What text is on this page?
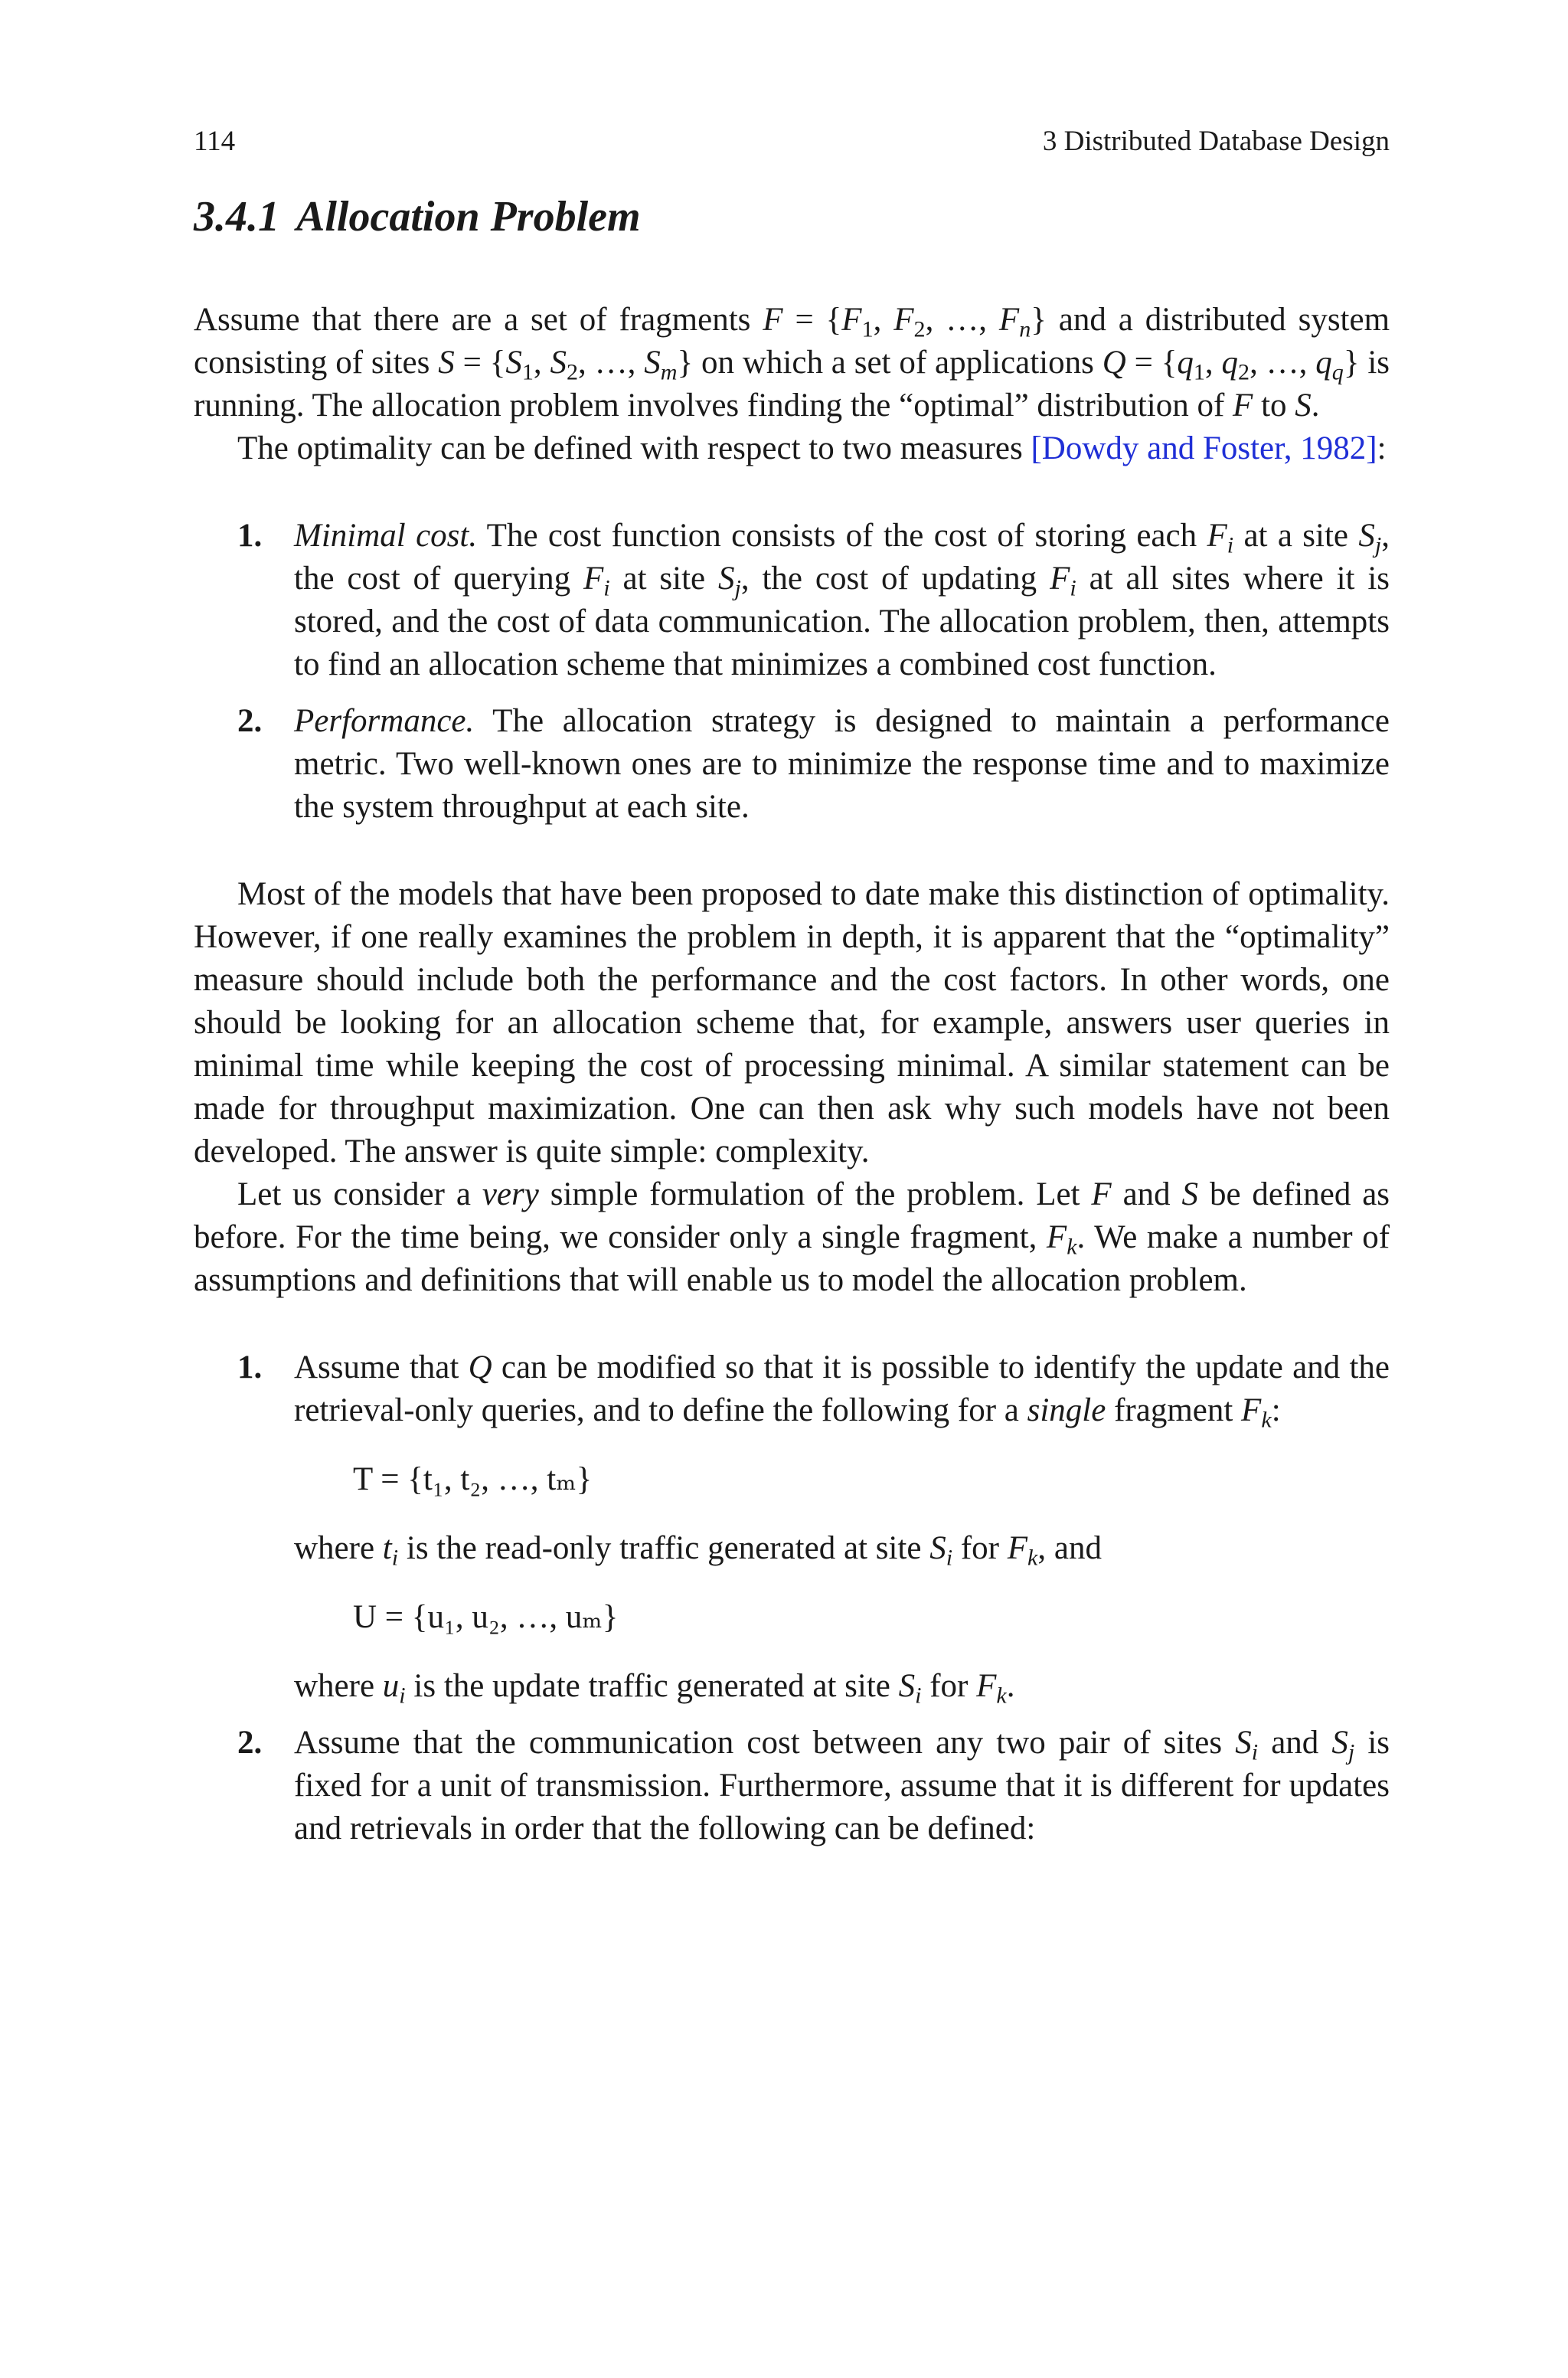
114	3 Distributed Database Design
3.4.1 Allocation Problem

Assume that there are a set of fragments $F = \{F_1$, $F_2$, …, $F_n$} and a distributed system consisting of sites $S = \{S_1$, $S_2$, …, $S_m$} on which a set of applications $Q = \{q_1$, $q_2$, …, $q_q$} is running. The allocation problem involves finding the “optimal” distribution of F to S.

The optimality can be defined with respect to two measures [Dowdy and Foster, 1982]:

1. Minimal cost. The cost function consists of the cost of storing each $F_i$ at a site $S_j$, the cost of querying $F_i$ at site $S_j$, the cost of updating $F_i$ at all sites where it is stored, and the cost of data communication. The allocation problem, then, attempts to find an allocation scheme that minimizes a combined cost function.
2. Performance. The allocation strategy is designed to maintain a performance metric. Two well-known ones are to minimize the response time and to maximize the system throughput at each site.

Most of the models that have been proposed to date make this distinction of optimality. However, if one really examines the problem in depth, it is apparent that the “optimality” measure should include both the performance and the cost factors. In other words, one should be looking for an allocation scheme that, for example, answers user queries in minimal time while keeping the cost of processing minimal. A similar statement can be made for throughput maximization. One can then ask why such models have not been developed. The answer is quite simple: complexity.

Let us consider a very simple formulation of the problem. Let F and S be defined as before. For the time being, we consider only a single fragment, $F_k$. We make a number of assumptions and definitions that will enable us to model the allocation problem.

1. Assume that Q can be modified so that it is possible to identify the update and the retrieval-only queries, and to define the following for a single fragment $F_k$:

T = {t₁, t₂, …, tₘ}

where $t_i$ is the read-only traffic generated at site $S_i$ for $F_k$, and

U = {u₁, u₂, …, uₘ}

where $u_i$ is the update traffic generated at site $S_i$ for $F_k$.

2. Assume that the communication cost between any two pair of sites $S_i$ and $S_j$ is fixed for a unit of transmission. Furthermore, assume that it is different for updates and retrievals in order that the following can be defined:
